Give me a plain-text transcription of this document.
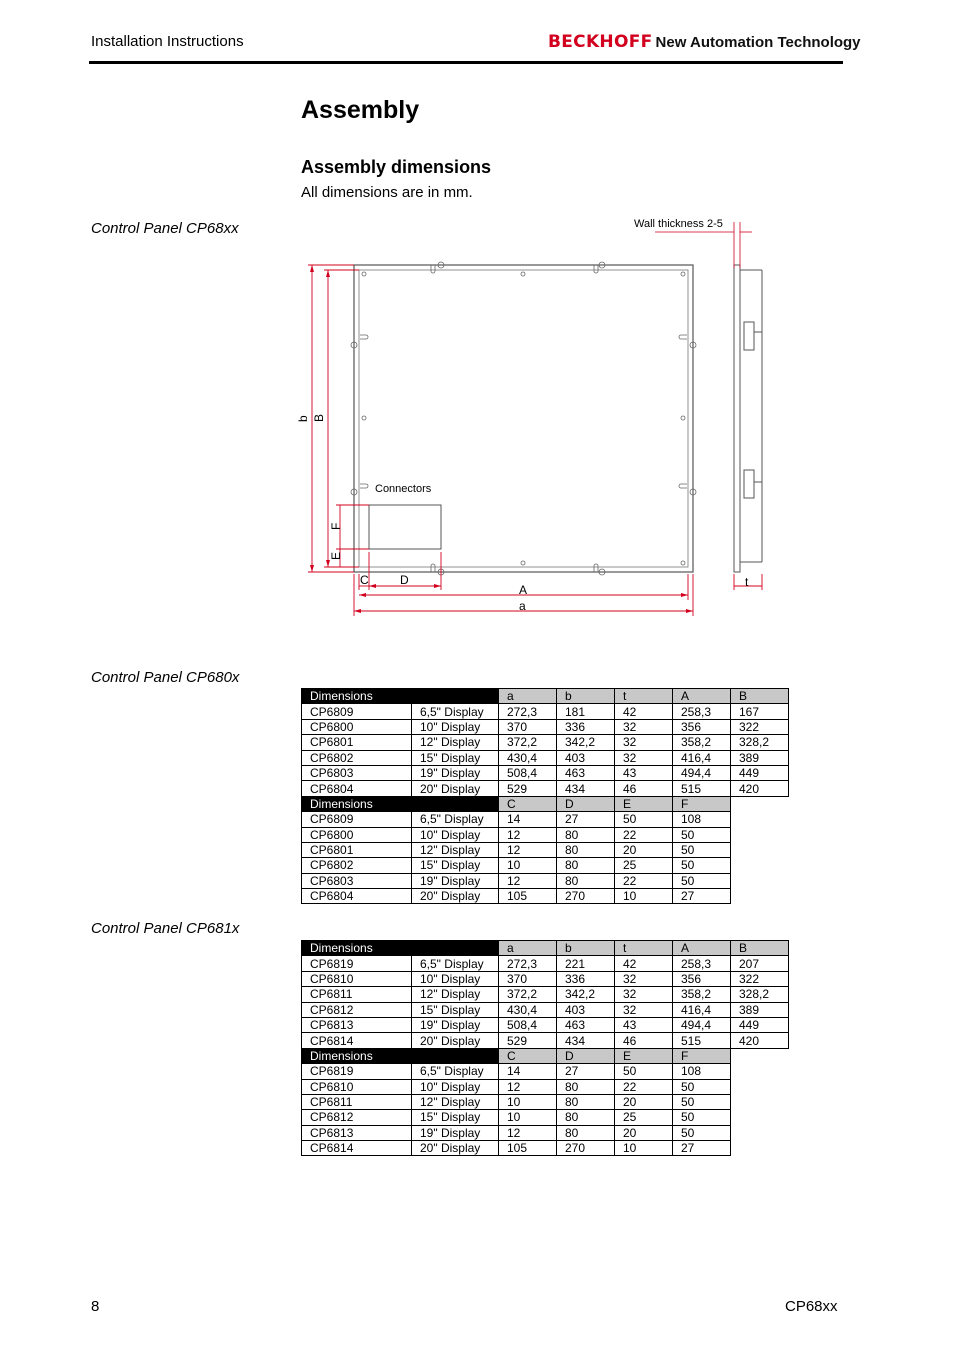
Installation Instructions	BECKHOFF New Automation Technology
Assembly
Assembly dimensions
All dimensions are in mm.
Control Panel CP68xx
Connectors
Wall thickness 2-5
b B
F
E
C	D
A
a
t
Control Panel CP680x
Dimensions		a	b	t	A	B
CP6809	6,5" Display	272,3	181	42	258,3	167
CP6800	10" Display	370	336	32	356	322
CP6801	12" Display	372,2	342,2	32	358,2	328,2
CP6802	15" Display	430,4	403	32	416,4	389
CP6803	19" Display	508,4	463	43	494,4	449
CP6804	20" Display	529	434	46	515	420
Dimensions		C	D	E	F	
CP6809	6,5" Display	14	27	50	108	
CP6800	10" Display	12	80	22	50	
CP6801	12" Display	12	80	20	50	
CP6802	15" Display	10	80	25	50	
CP6803	19" Display	12	80	22	50	
CP6804	20" Display	105	270	10	27	
Control Panel CP681x
Dimensions		a	b	t	A	B
CP6819	6,5" Display	272,3	221	42	258,3	207
CP6810	10" Display	370	336	32	356	322
CP6811	12" Display	372,2	342,2	32	358,2	328,2
CP6812	15" Display	430,4	403	32	416,4	389
CP6813	19" Display	508,4	463	43	494,4	449
CP6814	20" Display	529	434	46	515	420
Dimensions		C	D	E	F	
CP6819	6,5" Display	14	27	50	108	
CP6810	10" Display	12	80	22	50	
CP6811	12" Display	10	80	20	50	
CP6812	15" Display	10	80	25	50	
CP6813	19" Display	12	80	20	50	
CP6814	20" Display	105	270	10	27	
8	CP68xx
